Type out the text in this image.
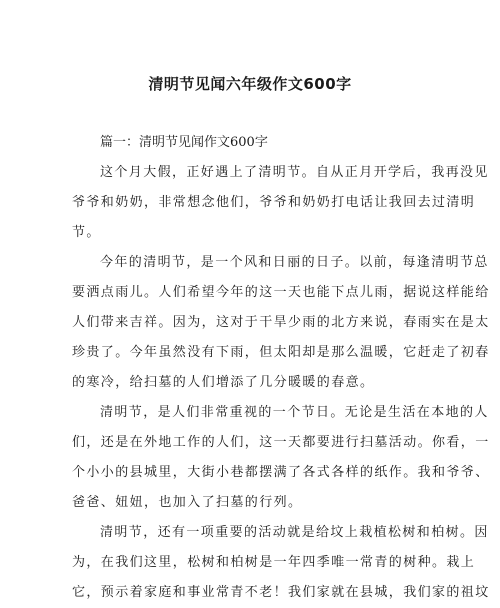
清明节见闻六年级作文600字
篇一：清明节见闻作文600字
这个月大假，正好遇上了清明节。自从正月开学后，我再没见
爷爷和奶奶，非常想念他们，爷爷和奶奶打电话让我回去过清明
节。
今年的清明节，是一个风和日丽的日子。以前，每逢清明节总
要洒点雨儿。人们希望今年的这一天也能下点儿雨，据说这样能给
人们带来吉祥。因为，这对于干旱少雨的北方来说，春雨实在是太
珍贵了。今年虽然没有下雨，但太阳却是那么温暖，它赶走了初春
的寒冷，给扫墓的人们增添了几分暖暖的春意。
清明节，是人们非常重视的一个节日。无论是生活在本地的人
们，还是在外地工作的人们，这一天都要进行扫墓活动。你看，一
个小小的县城里，大街小巷都摆满了各式各样的纸作。我和爷爷、
爸爸、妞妞，也加入了扫墓的行列。
清明节，还有一项重要的活动就是给坟上栽植松树和柏树。因
为，在我们这里，松树和柏树是一年四季唯一常青的树种。栽上
它，预示着家庭和事业常青不老！我们家就在县城，我们家的祖坟
